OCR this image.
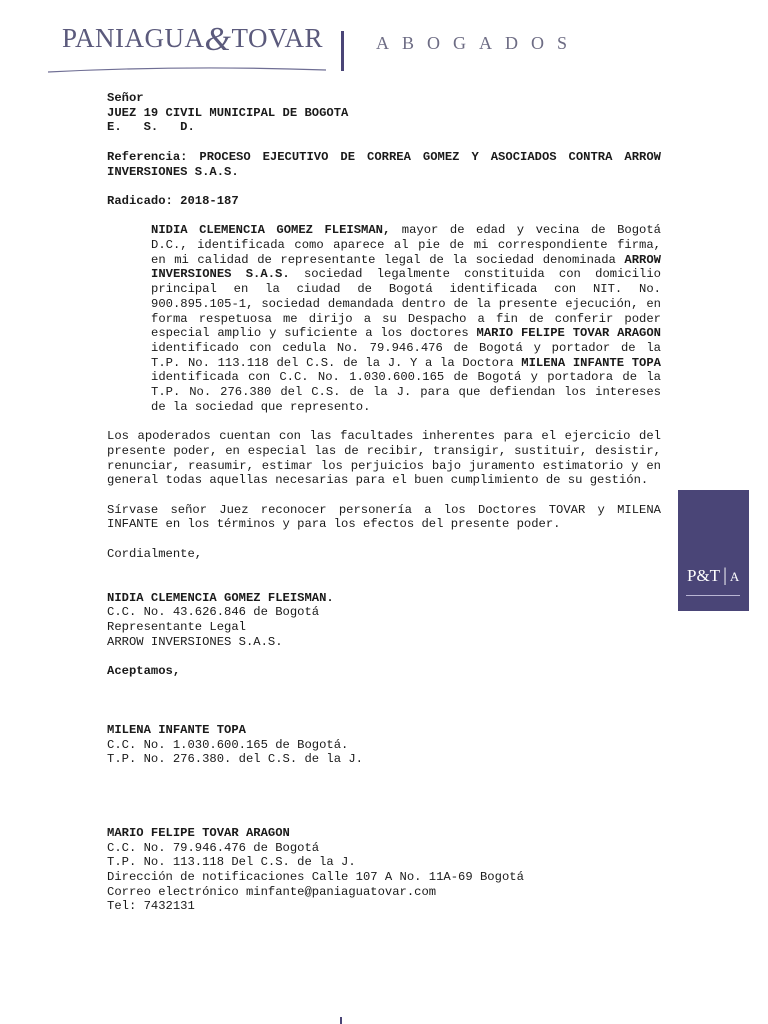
PANIAGUA&TOVAR	ABOGADOS
P&T | A
Señor
JUEZ 19 CIVIL MUNICIPAL DE BOGOTA
E.   S.   D.

Referencia: PROCESO EJECUTIVO DE CORREA GOMEZ Y ASOCIADOS CONTRA ARROW INVERSIONES S.A.S.

Radicado: 2018-187

NIDIA CLEMENCIA GOMEZ FLEISMAN, mayor de edad y vecina de Bogotá D.C., identificada como aparece al pie de mi correspondiente firma, en mi calidad de representante legal de la sociedad denominada ARROW INVERSIONES S.A.S. sociedad legalmente constituida con domicilio principal en la ciudad de Bogotá identificada con NIT. No. 900.895.105-1, sociedad demandada dentro de la presente ejecución, en forma respetuosa me dirijo a su Despacho a fin de conferir poder especial amplio y suficiente a los doctores MARIO FELIPE TOVAR ARAGON identificado con cedula No. 79.946.476 de Bogotá y portador de la T.P. No. 113.118 del C.S. de la J. Y a la Doctora MILENA INFANTE TOPA identificada con C.C. No. 1.030.600.165 de Bogotá y portadora de la T.P. No. 276.380 del C.S. de la J. para que defiendan los intereses de la sociedad que represento.

Los apoderados cuentan con las facultades inherentes para el ejercicio del presente poder, en especial las de recibir, transigir, sustituir, desistir, renunciar, reasumir, estimar los perjuicios bajo juramento estimatorio y en general todas aquellas necesarias para el buen cumplimiento de su gestión.

Sírvase señor Juez reconocer personería a los Doctores TOVAR y MILENA INFANTE en los términos y para los efectos del presente poder.

Cordialmente,

NIDIA CLEMENCIA GOMEZ FLEISMAN.
C.C. No. 43.626.846 de Bogotá
Representante Legal
ARROW INVERSIONES S.A.S.

Aceptamos,

MILENA INFANTE TOPA
C.C. No. 1.030.600.165 de Bogotá.
T.P. No. 276.380. del C.S. de la J.
MARIO FELIPE TOVAR ARAGON
C.C. No. 79.946.476 de Bogotá
T.P. No. 113.118 Del C.S. de la J.
Dirección de notificaciones Calle 107 A No. 11A-69 Bogotá
Correo electrónico minfante@paniaguatovar.com
Tel: 7432131
